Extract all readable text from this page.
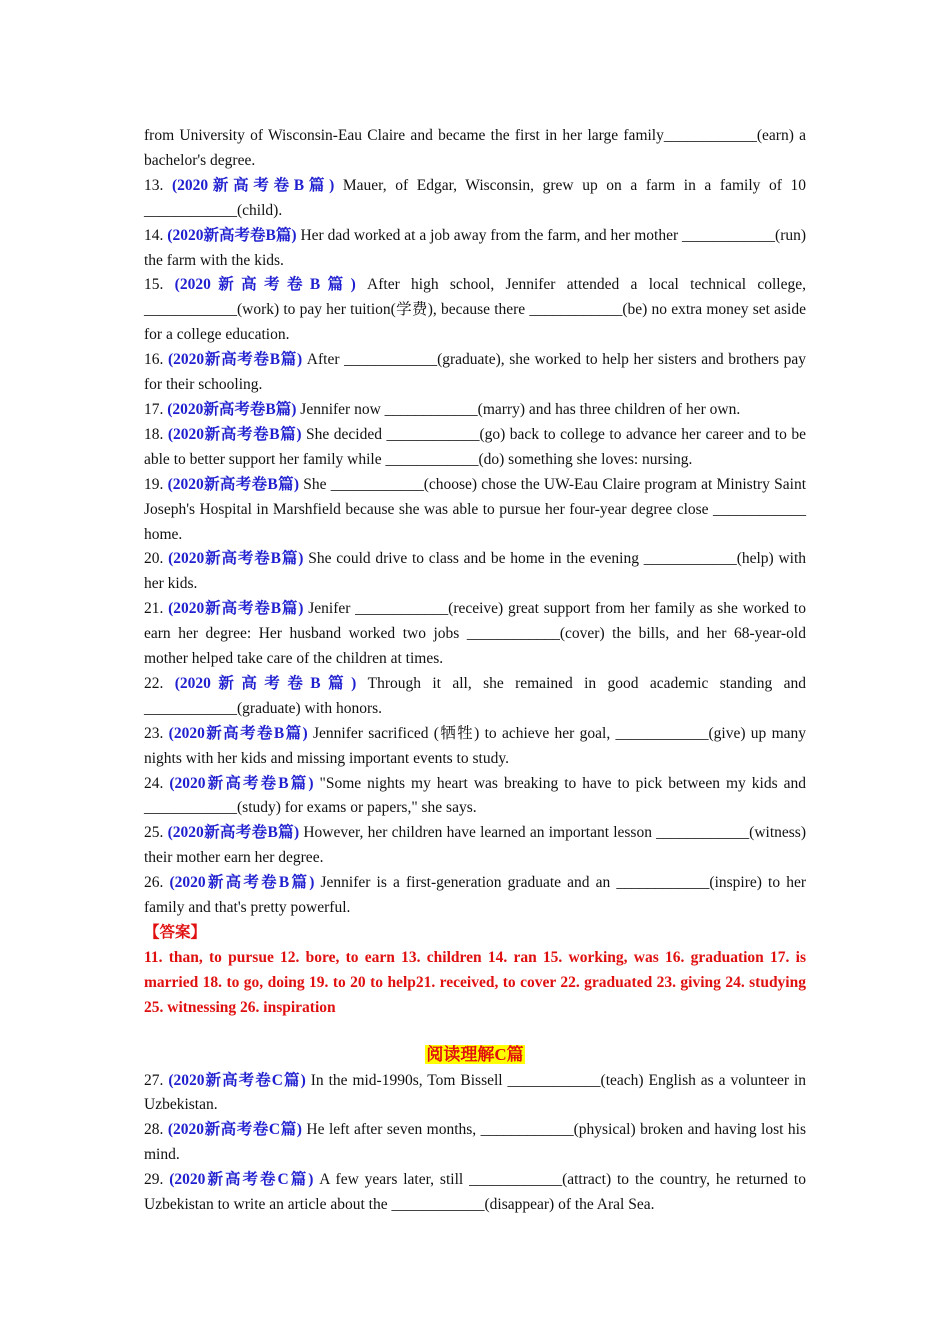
from University of Wisconsin-Eau Claire and became the first in her large family____________(earn) a bachelor's degree.

13. (2020新高考卷B篇) Mauer, of Edgar, Wisconsin, grew up on a farm in a family of 10 ____________(child).

14. (2020新高考卷B篇) Her dad worked at a job away from the farm, and her mother ____________(run) the farm with the kids.

15. (2020新高考卷B篇) After high school, Jennifer attended a local technical college, ____________(work) to pay her tuition(学费), because there ____________(be) no extra money set aside for a college education.

16. (2020新高考卷B篇) After ____________(graduate), she worked to help her sisters and brothers pay for their schooling.

17. (2020新高考卷B篇) Jennifer now ____________(marry) and has three children of her own.

18. (2020新高考卷B篇) She decided ____________(go) back to college to advance her career and to be able to better support her family while ____________(do) something she loves: nursing.

19. (2020新高考卷B篇) She ____________(choose) chose the UW-Eau Claire program at Ministry Saint Joseph's Hospital in Marshfield because she was able to pursue her four-year degree close ____________ home.

20. (2020新高考卷B篇) She could drive to class and be home in the evening ____________(help) with her kids.

21. (2020新高考卷B篇) Jenifer ____________(receive) great support from her family as she worked to earn her degree: Her husband worked two jobs ____________(cover) the bills, and her 68-year-old mother helped take care of the children at times.

22. (2020新高考卷B篇) Through it all, she remained in good academic standing and ____________(graduate) with honors.

23. (2020新高考卷B篇) Jennifer sacrificed (牺牲) to achieve her goal, ____________(give) up many nights with her kids and missing important events to study.

24. (2020新高考卷B篇) "Some nights my heart was breaking to have to pick between my kids and ____________(study) for exams or papers," she says.

25. (2020新高考卷B篇) However, her children have learned an important lesson ____________(witness) their mother earn her degree.

26. (2020新高考卷B篇) Jennifer is a first-generation graduate and an ____________(inspire) to her family and that's pretty powerful.

【答案】

11. than, to pursue 12. bore, to earn 13. children 14. ran 15. working, was 16. graduation 17. is married 18. to go, doing 19. to 20 to help21. received, to cover 22. graduated 23. giving 24. studying 25. witnessing 26. inspiration

阅读理解C篇

27. (2020新高考卷C篇) In the mid-1990s, Tom Bissell ____________(teach) English as a volunteer in Uzbekistan.

28. (2020新高考卷C篇) He left after seven months, ____________(physical) broken and having lost his mind.

29. (2020新高考卷C篇) A few years later, still ____________(attract) to the country, he returned to Uzbekistan to write an article about the ____________(disappear) of the Aral Sea.
